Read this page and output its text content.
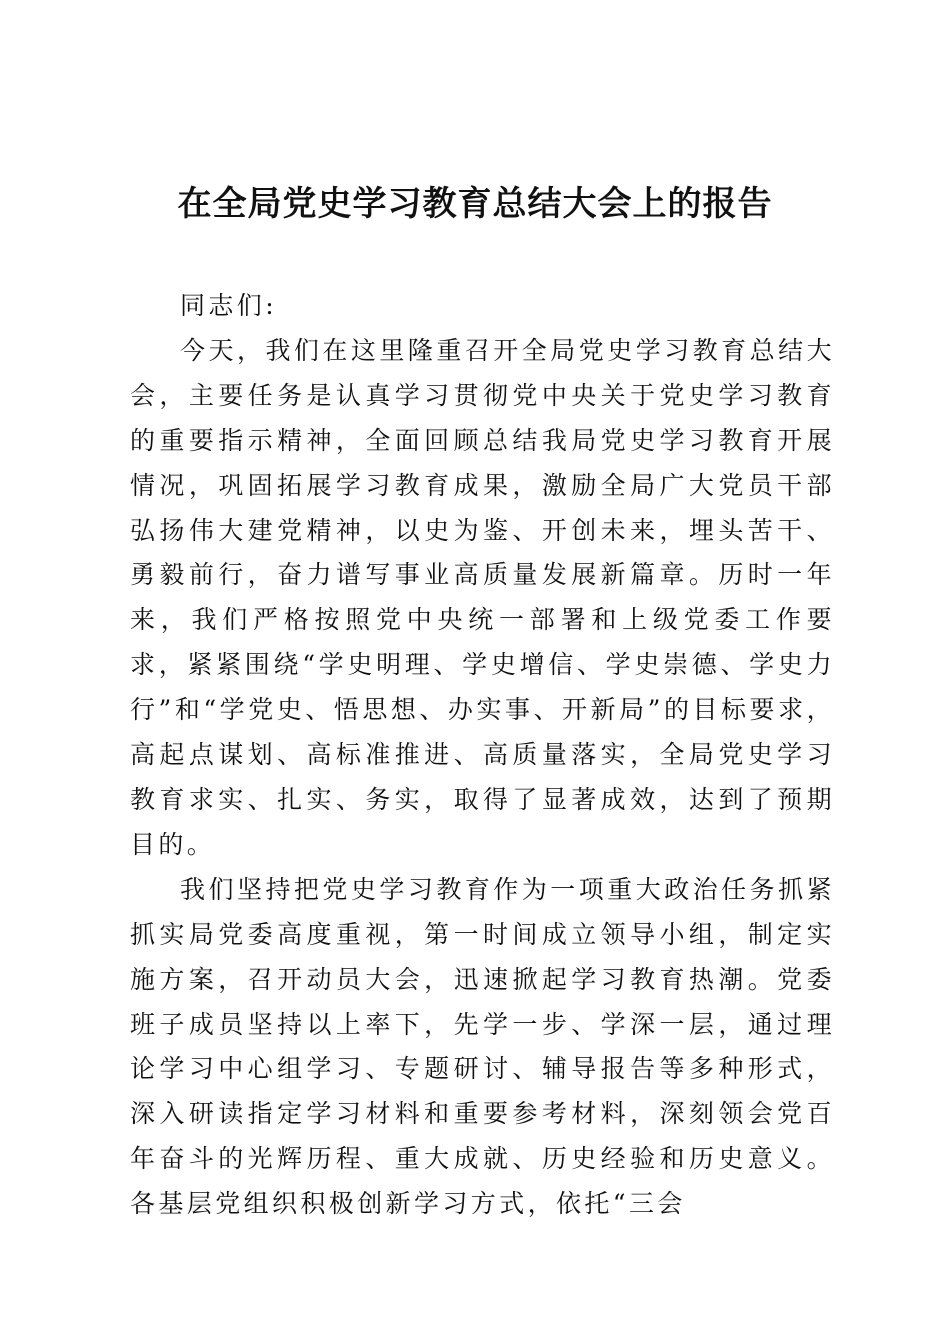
在全局党史学习教育总结大会上的报告

同志们:

今天，我们在这里隆重召开全局党史学习教育总结大会，主要任务是认真学习贯彻党中央关于党史学习教育的重要指示精神，全面回顾总结我局党史学习教育开展情况，巩固拓展学习教育成果，激励全局广大党员干部弘扬伟大建党精神，以史为鉴、开创未来，埋头苦干、勇毅前行，奋力谱写事业高质量发展新篇章。历时一年来，我们严格按照党中央统一部署和上级党委工作要求，紧紧围绕“学史明理、学史增信、学史崇德、学史力行”和“学党史、悟思想、办实事、开新局”的目标要求，高起点谋划、高标准推进、高质量落实，全局党史学习教育求实、扎实、务实，取得了显著成效，达到了预期目的。

我们坚持把党史学习教育作为一项重大政治任务抓紧抓实局党委高度重视，第一时间成立领导小组，制定实施方案，召开动员大会，迅速掀起学习教育热潮。党委班子成员坚持以上率下，先学一步、学深一层，通过理论学习中心组学习、专题研讨、辅导报告等多种形式，深入研读指定学习材料和重要参考材料，深刻领会党百年奋斗的光辉历程、重大成就、历史经验和历史意义。各基层党组织积极创新学习方式，依托“三会
